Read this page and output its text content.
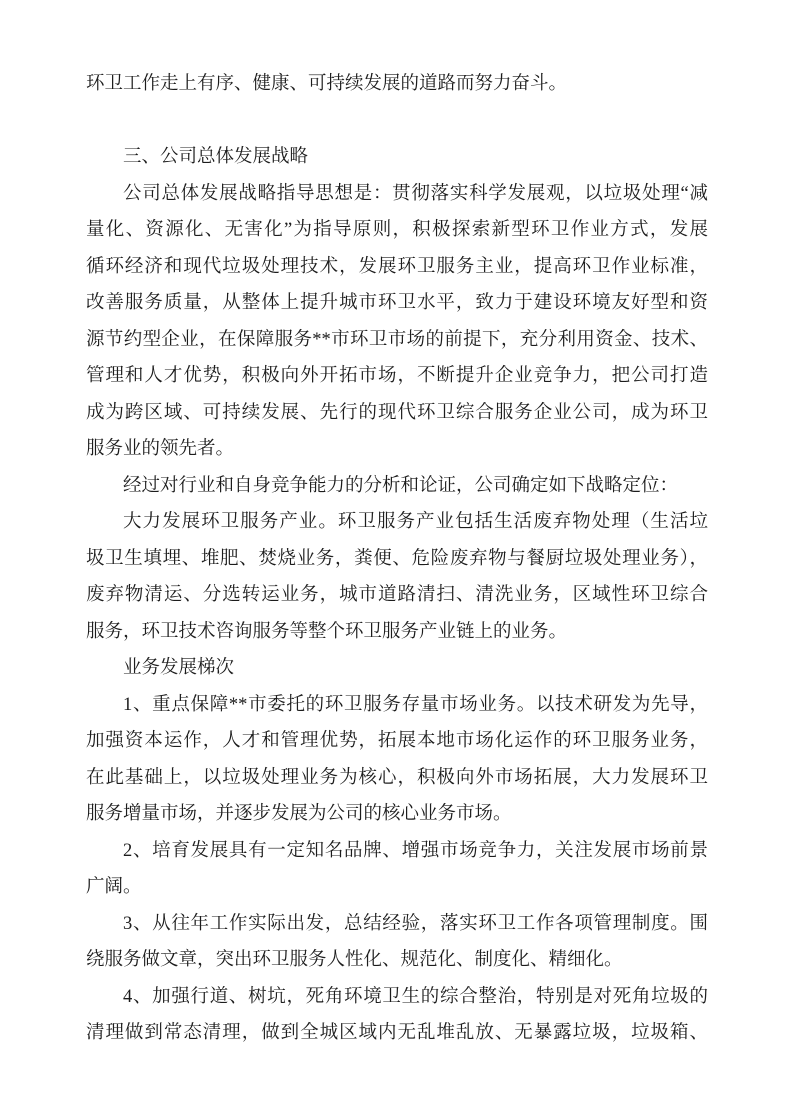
环卫工作走上有序、健康、可持续发展的道路而努力奋斗。
三、公司总体发展战略
公司总体发展战略指导思想是：贯彻落实科学发展观，以垃圾处理“减
量化、资源化、无害化”为指导原则，积极探索新型环卫作业方式，发展
循环经济和现代垃圾处理技术，发展环卫服务主业，提高环卫作业标准，
改善服务质量，从整体上提升城市环卫水平，致力于建设环境友好型和资
源节约型企业，在保障服务**市环卫市场的前提下，充分利用资金、技术、
管理和人才优势，积极向外开拓市场，不断提升企业竞争力，把公司打造
成为跨区域、可持续发展、先行的现代环卫综合服务企业公司，成为环卫
服务业的领先者。
经过对行业和自身竞争能力的分析和论证，公司确定如下战略定位：
大力发展环卫服务产业。环卫服务产业包括生活废弃物处理（生活垃
圾卫生填埋、堆肥、焚烧业务，粪便、危险废弃物与餐厨垃圾处理业务），
废弃物清运、分选转运业务，城市道路清扫、清洗业务，区域性环卫综合
服务，环卫技术咨询服务等整个环卫服务产业链上的业务。
业务发展梯次
1、重点保障**市委托的环卫服务存量市场业务。以技术研发为先导，
加强资本运作，人才和管理优势，拓展本地市场化运作的环卫服务业务，
在此基础上，以垃圾处理业务为核心，积极向外市场拓展，大力发展环卫
服务增量市场，并逐步发展为公司的核心业务市场。
2、培育发展具有一定知名品牌、增强市场竞争力，关注发展市场前景
广阔。
3、从往年工作实际出发，总结经验，落实环卫工作各项管理制度。围
绕服务做文章，突出环卫服务人性化、规范化、制度化、精细化。
4、加强行道、树坑，死角环境卫生的综合整治，特别是对死角垃圾的
清理做到常态清理，做到全城区域内无乱堆乱放、无暴露垃圾，垃圾箱、
